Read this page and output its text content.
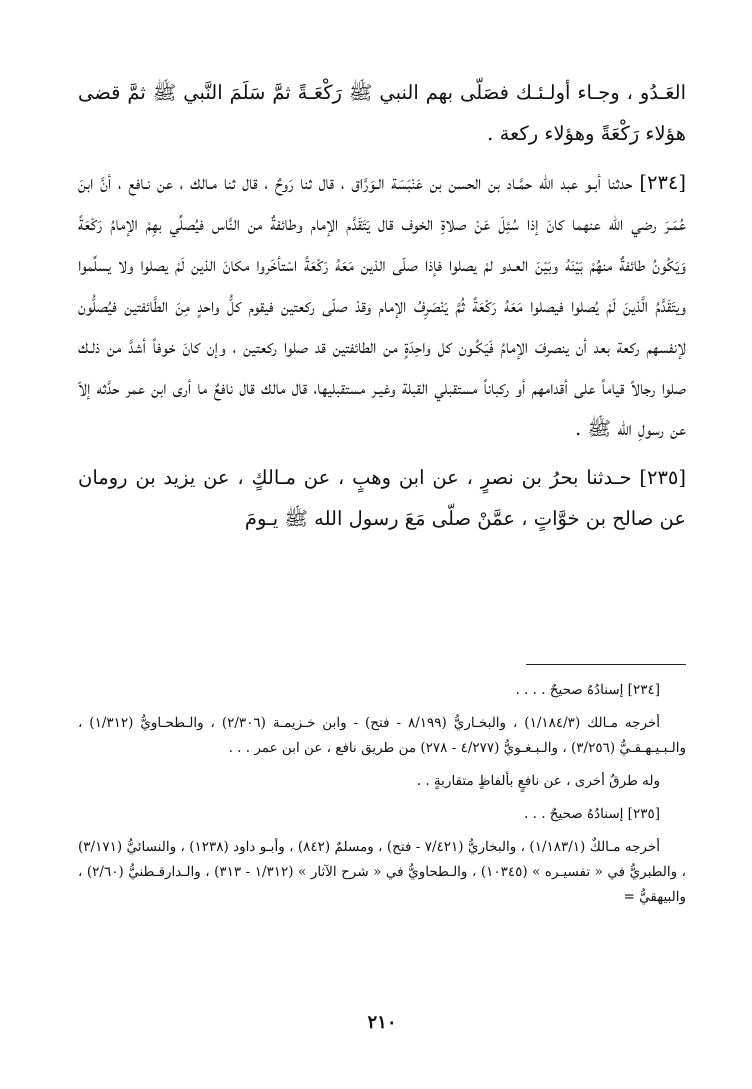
العَـدُو ، وجـاء أولـئـك فصَلّى بهم النبي ﷺ رَكْعَـةً ثمَّ سَلَمَ النَّبي ﷺ ثمَّ قضى هؤلاء رَكْعَةً وهؤلاء ركعة .

[٢٣٤] حدثنا أبـو عبد الله حمَّـاد بن الحسن بن عَنْبَسَة الـوَرَّاق ، قال ثنا رَوحٌ ، قال ثنا مـالك ، عن نـافع ، أنَّ ابنَ عُمَـرَ رضي الله عنهما كانَ إذا سُئِلَ عَنْ صلاةِ الخوف قال يَتَقَدَّم الإمام وطائفةٌ من النَّاس فيُصلِّي بهِمْ الإمامُ رَكْعَةً وَيَكُونُ طائفةٌ منهُمْ بَيْنَهُ وبَيْنَ العـدو لمْ يصلوا فإذا صلّى الذين مَعَهُ رَكْعَةً اسْتأخَروا مكانَ الذين لَمْ يصلوا ولا يسلِّموا ويتَقَدَّمُ الَّذينَ لَمْ يُصلوا فيصلوا مَعَهُ رَكْعَةً ثُمَّ يَنْصَرِفُ الإمام وقدْ صلّى ركعتين فيقوم كلُّ واحدٍ مِنَ الطَّائفتين فيُصلُّون لإنفسهم ركعة بعد أن ينصرفَ الإمامُ فَيَكُـون كل واحِدَةٍ من الطائفتين قد صلوا ركعتين ، وإن كانَ خوفاً أشدَّ من ذلـك صلوا رجالاً قياماً على أقدامهم أو ركباناً مستقبلي القبلة وغيـر مستقبليها، قال مالك قال نافعٌ ما أرى ابن عمر حدَّثه إلاّ عن رسولِ الله ﷺ .

[٢٣٥] حـدثنا بحرُ بن نصرٍ ، عن ابن وهبٍ ، عن مـالكٍ ، عن يزيد بن رومان عن صالح بن خوَّاتٍ ، عمَّنْ صلّى مَعَ رسول الله ﷺ يـومَ

[٢٣٤] إسنادُهُ صحيحٌ . . . .

أخرجه مـالك (١/١٨٤/٣) ، والبخـاريُّ (٨/١٩٩ - فتح) - وابن خـزيمـة (٢/٣٠٦) ، والـطحـاويُّ (١/٣١٢) ، والـبـيـهـقـيُّ (٣/٢٥٦) ، والـبـغـويُّ (٤/٢٧٧ - ٢٧٨) من طريق نافع ، عن ابن عمر . . .

وله طرقٌ أخرى ، عن نافعٍ بألفاظٍ متقاربةٍ . .

[٢٣٥] إسنادُهُ صحيحٌ . . .

أخرجه مـالكٌ (١/١٨٣/١) ، والبخاريُّ (٧/٤٢١ - فتح) ، ومسلمٌ (٨٤٢) ، وأبـو داود (١٢٣٨) ، والنسائيُّ (٣/١٧١) ، والطبريُّ في « تفسيـره » (١٠٣٤٥) ، والـطحاويُّ في « شرح الآثار » (١/٣١٢ - ٣١٣) ، والـدارقـطنيُّ (٢/٦٠) ، والبيهقيُّ =

٢١٠
